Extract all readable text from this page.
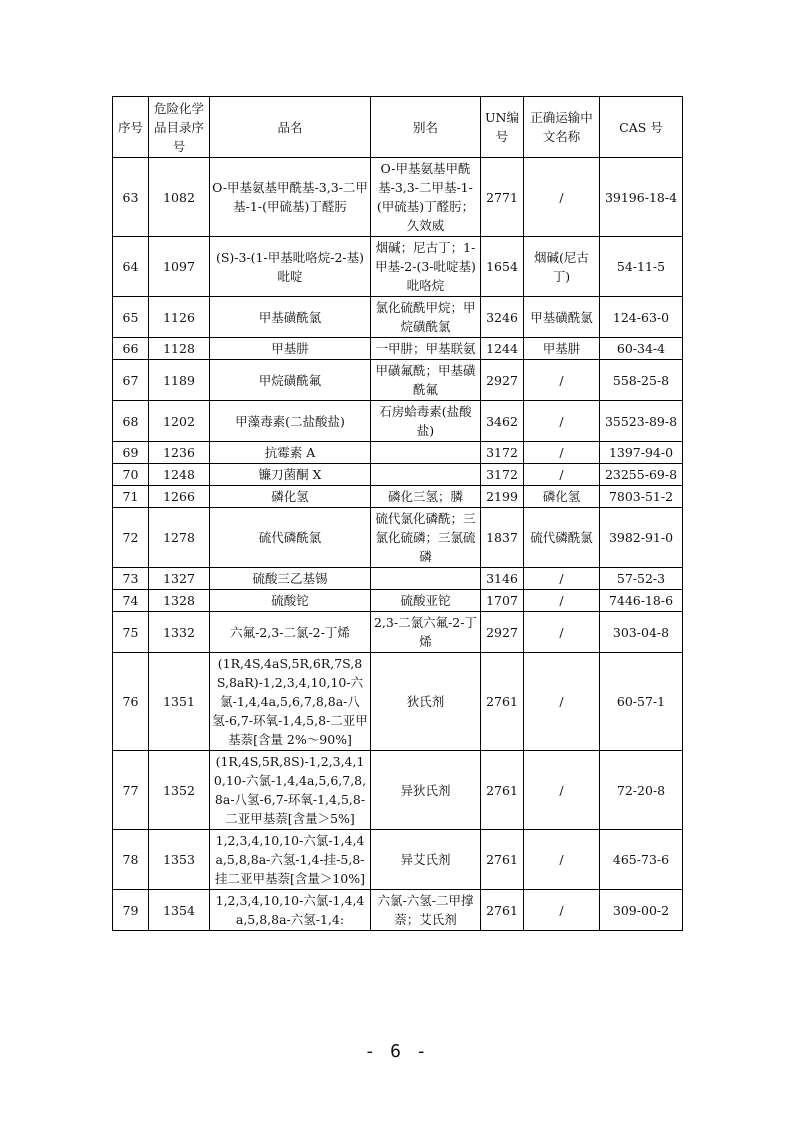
序号	危险化学品目录序号	品名	别名	UN编号	正确运输中文名称	CAS 号
63	1082	O-甲基氨基甲酰基-3,3-二甲基-1-(甲硫基)丁醛肟	O-甲基氨基甲酰基-3,3-二甲基-1-(甲硫基)丁醛肟；久效威	2771	/	39196-18-4
64	1097	(S)-3-(1-甲基吡咯烷-2-基)吡啶	烟碱；尼古丁；1-甲基-2-(3-吡啶基)吡咯烷	1654	烟碱(尼古丁)	54-11-5
65	1126	甲基磺酰氯	氯化硫酰甲烷；甲烷磺酰氯	3246	甲基磺酰氯	124-63-0
66	1128	甲基肼	一甲肼；甲基联氨	1244	甲基肼	60-34-4
67	1189	甲烷磺酰氟	甲磺氟酰；甲基磺酰氟	2927	/	558-25-8
68	1202	甲藻毒素(二盐酸盐)	石房蛤毒素(盐酸盐)	3462	/	35523-89-8
69	1236	抗霉素 A		3172	/	1397-94-0
70	1248	镰刀菌酮 X		3172	/	23255-69-8
71	1266	磷化氢	磷化三氢；膦	2199	磷化氢	7803-51-2
72	1278	硫代磷酰氯	硫代氯化磷酰；三氯化硫磷；三氯硫磷	1837	硫代磷酰氯	3982-91-0
73	1327	硫酸三乙基锡		3146	/	57-52-3
74	1328	硫酸铊	硫酸亚铊	1707	/	7446-18-6
75	1332	六氟-2,3-二氯-2-丁烯	2,3-二氯六氟-2-丁烯	2927	/	303-04-8
76	1351	(1R,4S,4aS,5R,6R,7S,8S,8aR)-1,2,3,4,10,10-六氯-1,4,4a,5,6,7,8,8a-八氢-6,7-环氧-1,4,5,8-二亚甲基萘[含量 2%～90%]	狄氏剂	2761	/	60-57-1
77	1352	(1R,4S,5R,8S)-1,2,3,4,10,10-六氯-1,4,4a,5,6,7,8,8a-八氢-6,7-环氧-1,4,5,8-二亚甲基萘[含量＞5%]	异狄氏剂	2761	/	72-20-8
78	1353	1,2,3,4,10,10-六氯-1,4,4a,5,8,8a-六氢-1,4-挂-5,8-挂二亚甲基萘[含量＞10%]	异艾氏剂	2761	/	465-73-6
79	1354	1,2,3,4,10,10-六氯-1,4,4a,5,8,8a-六氢-1,4:	六氯-六氢-二甲撑萘；艾氏剂	2761	/	309-00-2
- 6 -
